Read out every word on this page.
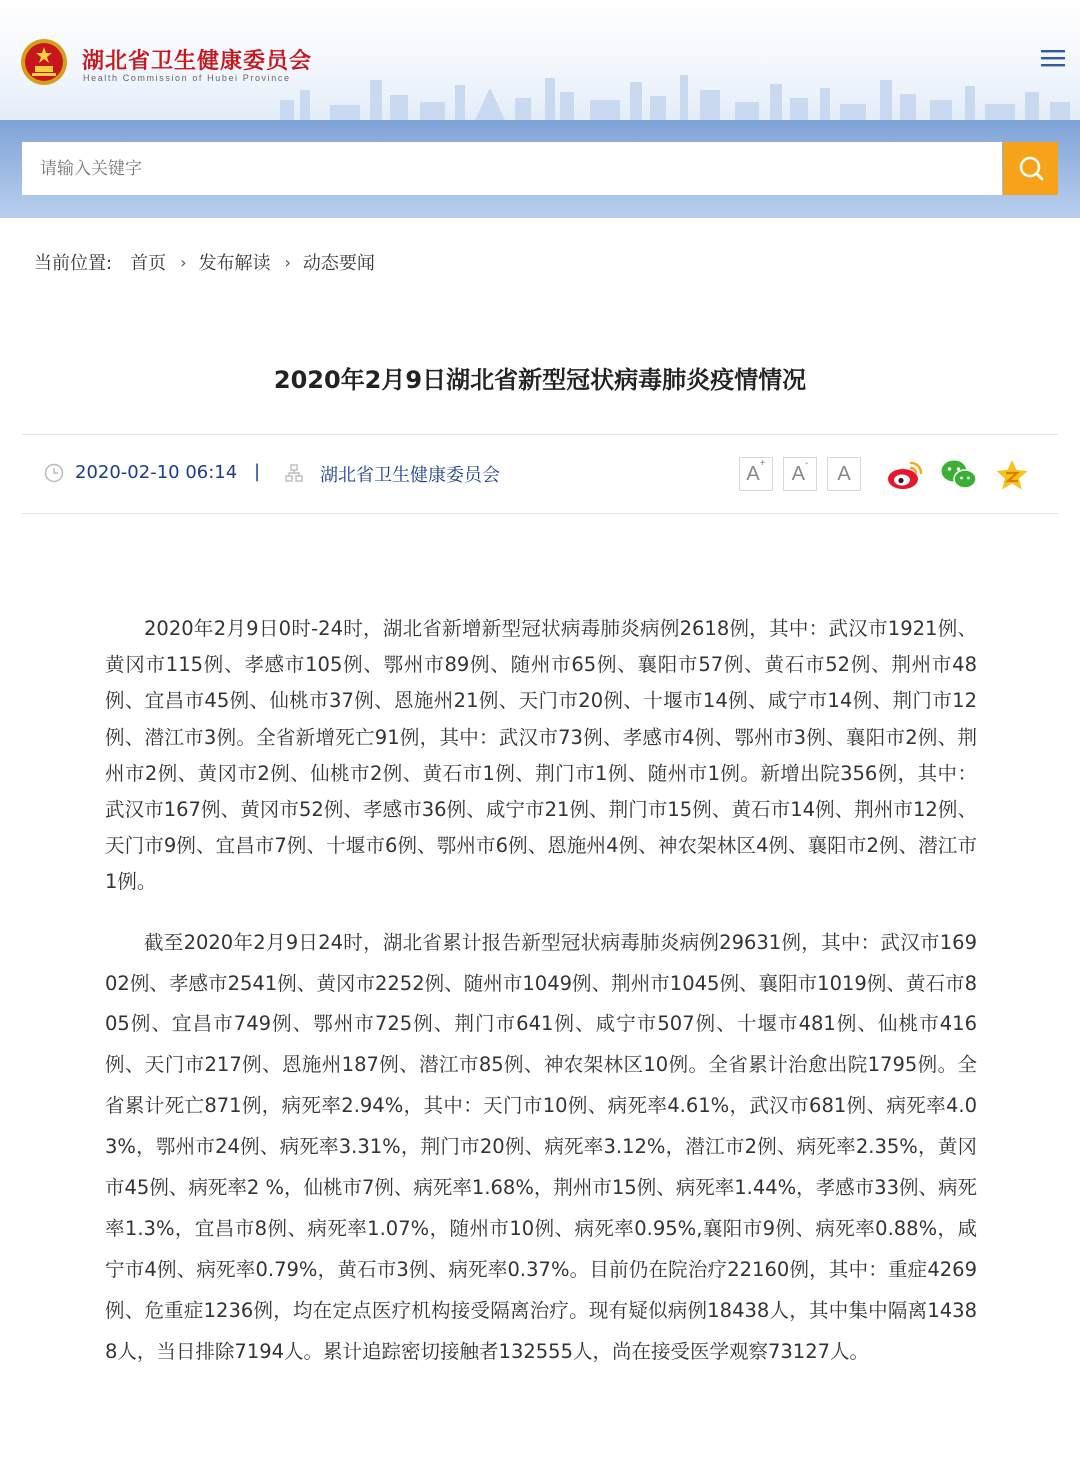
湖北省卫生健康委员会
Health Commission of Hubei Province
请输入关键字
当前位置: 首页 › 发布解读 › 动态要闻
2020年2月9日湖北省新型冠状病毒肺炎疫情情况
2020-02-10 06:14 |	湖北省卫生健康委员会	A+	A-	A

2020年2月9日0时-24时，湖北省新增新型冠状病毒肺炎病例2618例，其中：武汉市1921例、黄冈市115例、孝感市105例、鄂州市89例、随州市65例、襄阳市57例、黄石市52例、荆州市48例、宜昌市45例、仙桃市37例、恩施州21例、天门市20例、十堰市14例、咸宁市14例、荆门市12例、潜江市3例。全省新增死亡91例，其中：武汉市73例、孝感市4例、鄂州市3例、襄阳市2例、荆州市2例、黄冈市2例、仙桃市2例、黄石市1例、荆门市1例、随州市1例。新增出院356例，其中：武汉市167例、黄冈市52例、孝感市36例、咸宁市21例、荆门市15例、黄石市14例、荆州市12例、天门市9例、宜昌市7例、十堰市6例、鄂州市6例、恩施州4例、神农架林区4例、襄阳市2例、潜江市1例。

截至2020年2月9日24时，湖北省累计报告新型冠状病毒肺炎病例29631例，其中：武汉市16902例、孝感市2541例、黄冈市2252例、随州市1049例、荆州市1045例、襄阳市1019例、黄石市805例、宜昌市749例、鄂州市725例、荆门市641例、咸宁市507例、十堰市481例、仙桃市416例、天门市217例、恩施州187例、潜江市85例、神农架林区10例。全省累计治愈出院1795例。全省累计死亡871例，病死率2.94%，其中：天门市10例、病死率4.61%，武汉市681例、病死率4.03%，鄂州市24例、病死率3.31%，荆门市20例、病死率3.12%，潜江市2例、病死率2.35%，黄冈市45例、病死率2 %，仙桃市7例、病死率1.68%，荆州市15例、病死率1.44%，孝感市33例、病死率1.3%，宜昌市8例、病死率1.07%，随州市10例、病死率0.95%,襄阳市9例、病死率0.88%，咸宁市4例、病死率0.79%，黄石市3例、病死率0.37%。目前仍在院治疗22160例，其中：重症4269例、危重症1236例，均在定点医疗机构接受隔离治疗。现有疑似病例18438人，其中集中隔离14388人，当日排除7194人。累计追踪密切接触者132555人，尚在接受医学观察73127人。
